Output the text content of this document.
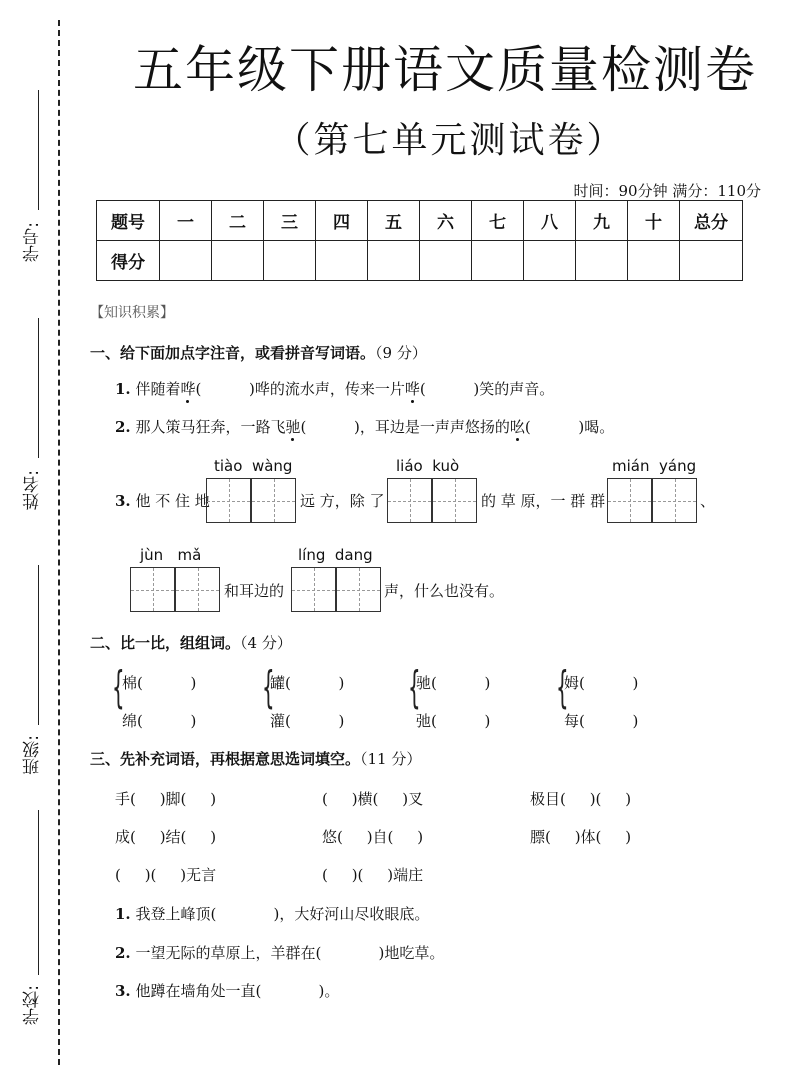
学号:
姓名:
班级:
学校:
五年级下册语文质量检测卷
（第七单元测试卷）
时间：90分钟 满分：110分
题号	一	二	三	四	五	六	七	八	九	十	总分
得分											
【知识积累】
一、给下面加点字注音，或看拼音写词语。（9 分）
1. 伴随着哗(          )哗的流水声，传来一片哗(          )笑的声音。
2. 那人策马狂奔，一路飞驰(          )，耳边是一声声悠扬的吆(          )喝。
3. 他 不 住 地
tiào  wàng
远 方，除 了
liáo  kuò
的 草 原，一 群 群
mián  yáng
、
jùn   mǎ
和耳边的
líng  dang
声，什么也没有。
二、比一比，组组词。（4 分）
{
棉(          )
绵(          )
{
罐(          )
灌(          )
{
驰(          )
弛(          )
{
姆(          )
每(          )
三、先补充词语，再根据意思选词填空。（11 分）
手(     )脚(     )	(     )横(     )叉	极目(     )(     )
成(     )结(     )	悠(     )自(     )	膘(     )体(     )
(     )(     )无言	(     )(     )端庄
1. 我登上峰顶(            )，大好河山尽收眼底。
2. 一望无际的草原上，羊群在(            )地吃草。
3. 他蹲在墙角处一直(            )。
